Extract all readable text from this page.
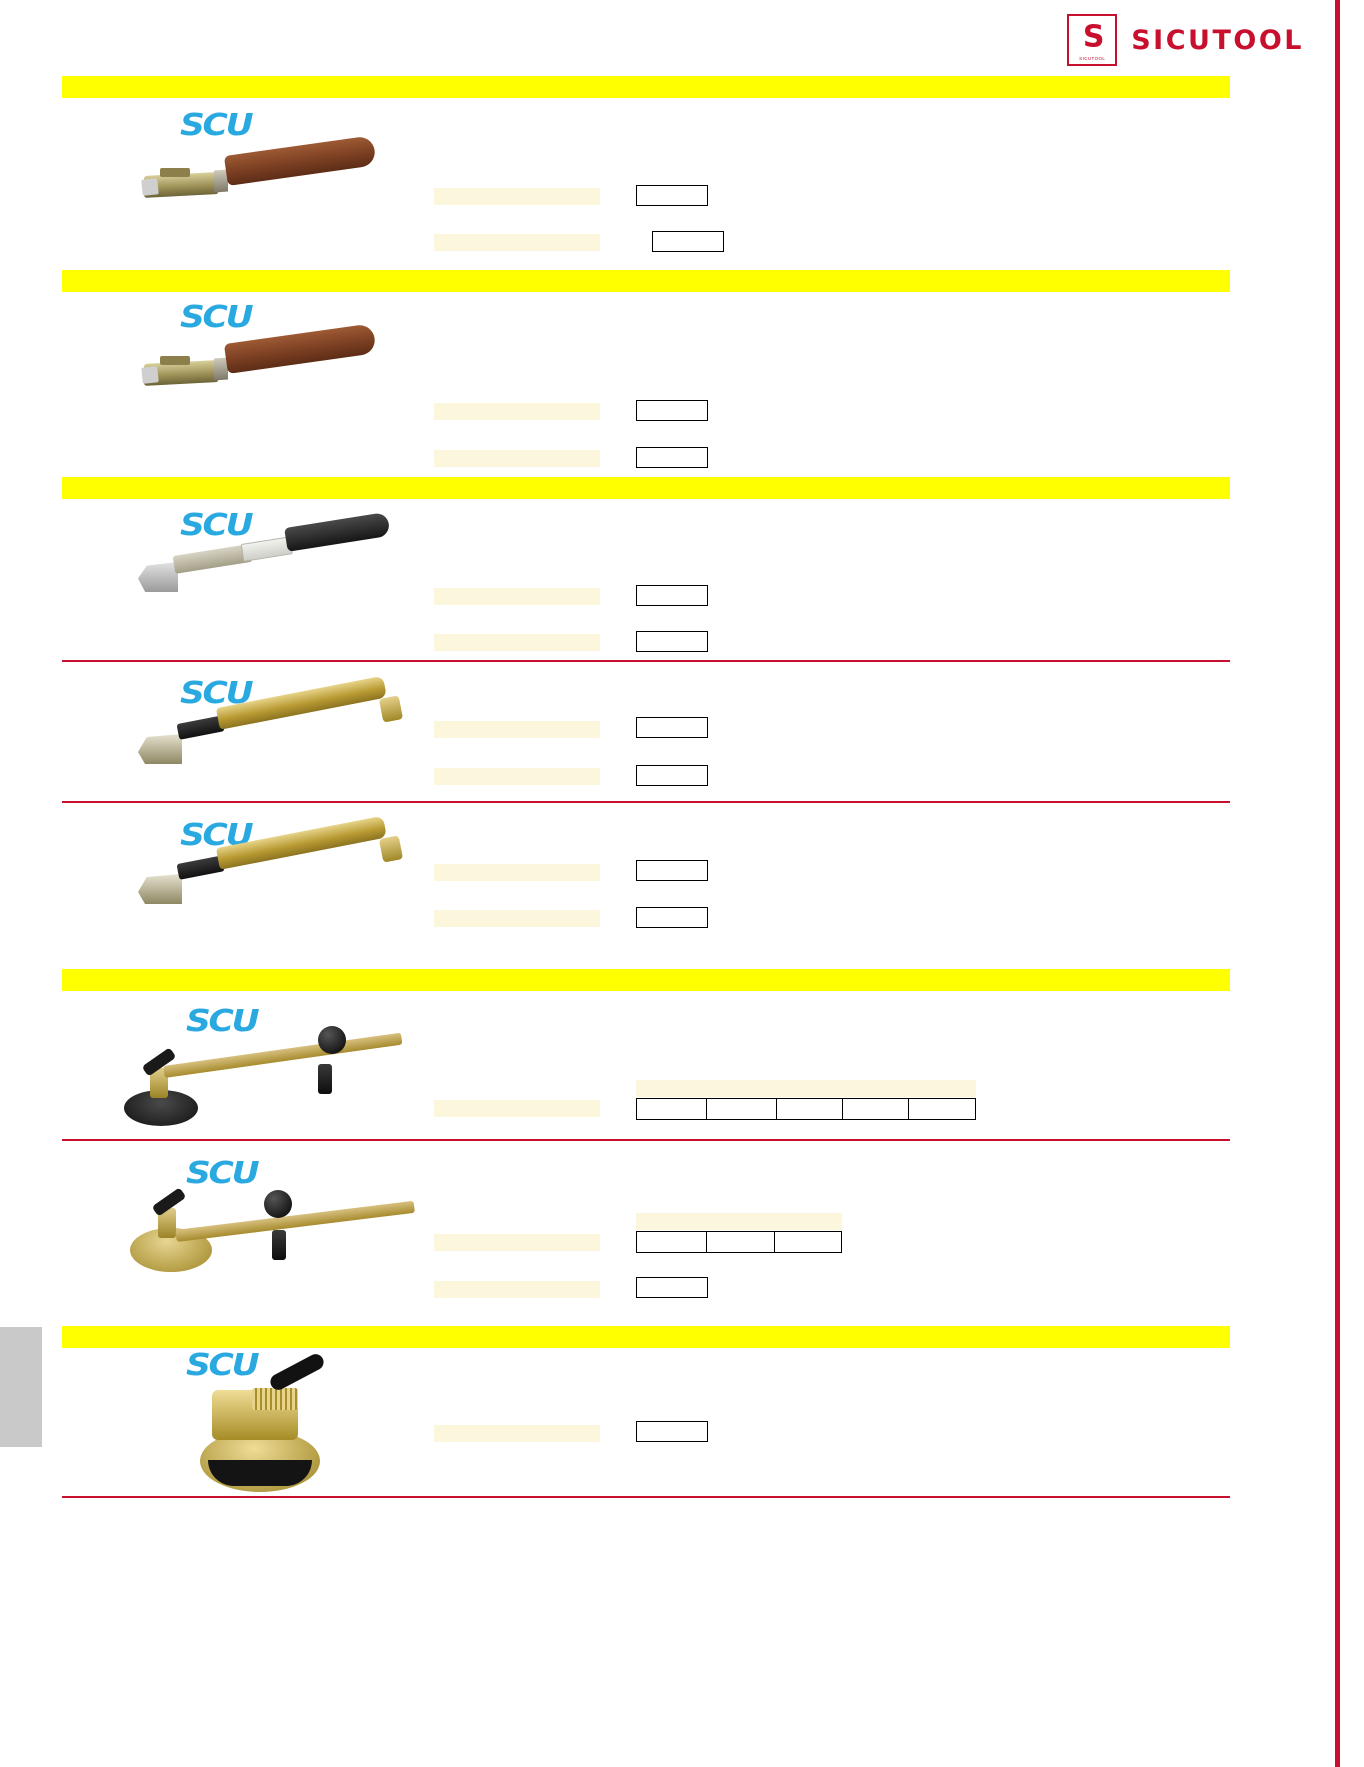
S
SICUTOOL
SICUTOOL
SCU
SCU
SCU
SCU
SCU
SCU
SCU
SCU
